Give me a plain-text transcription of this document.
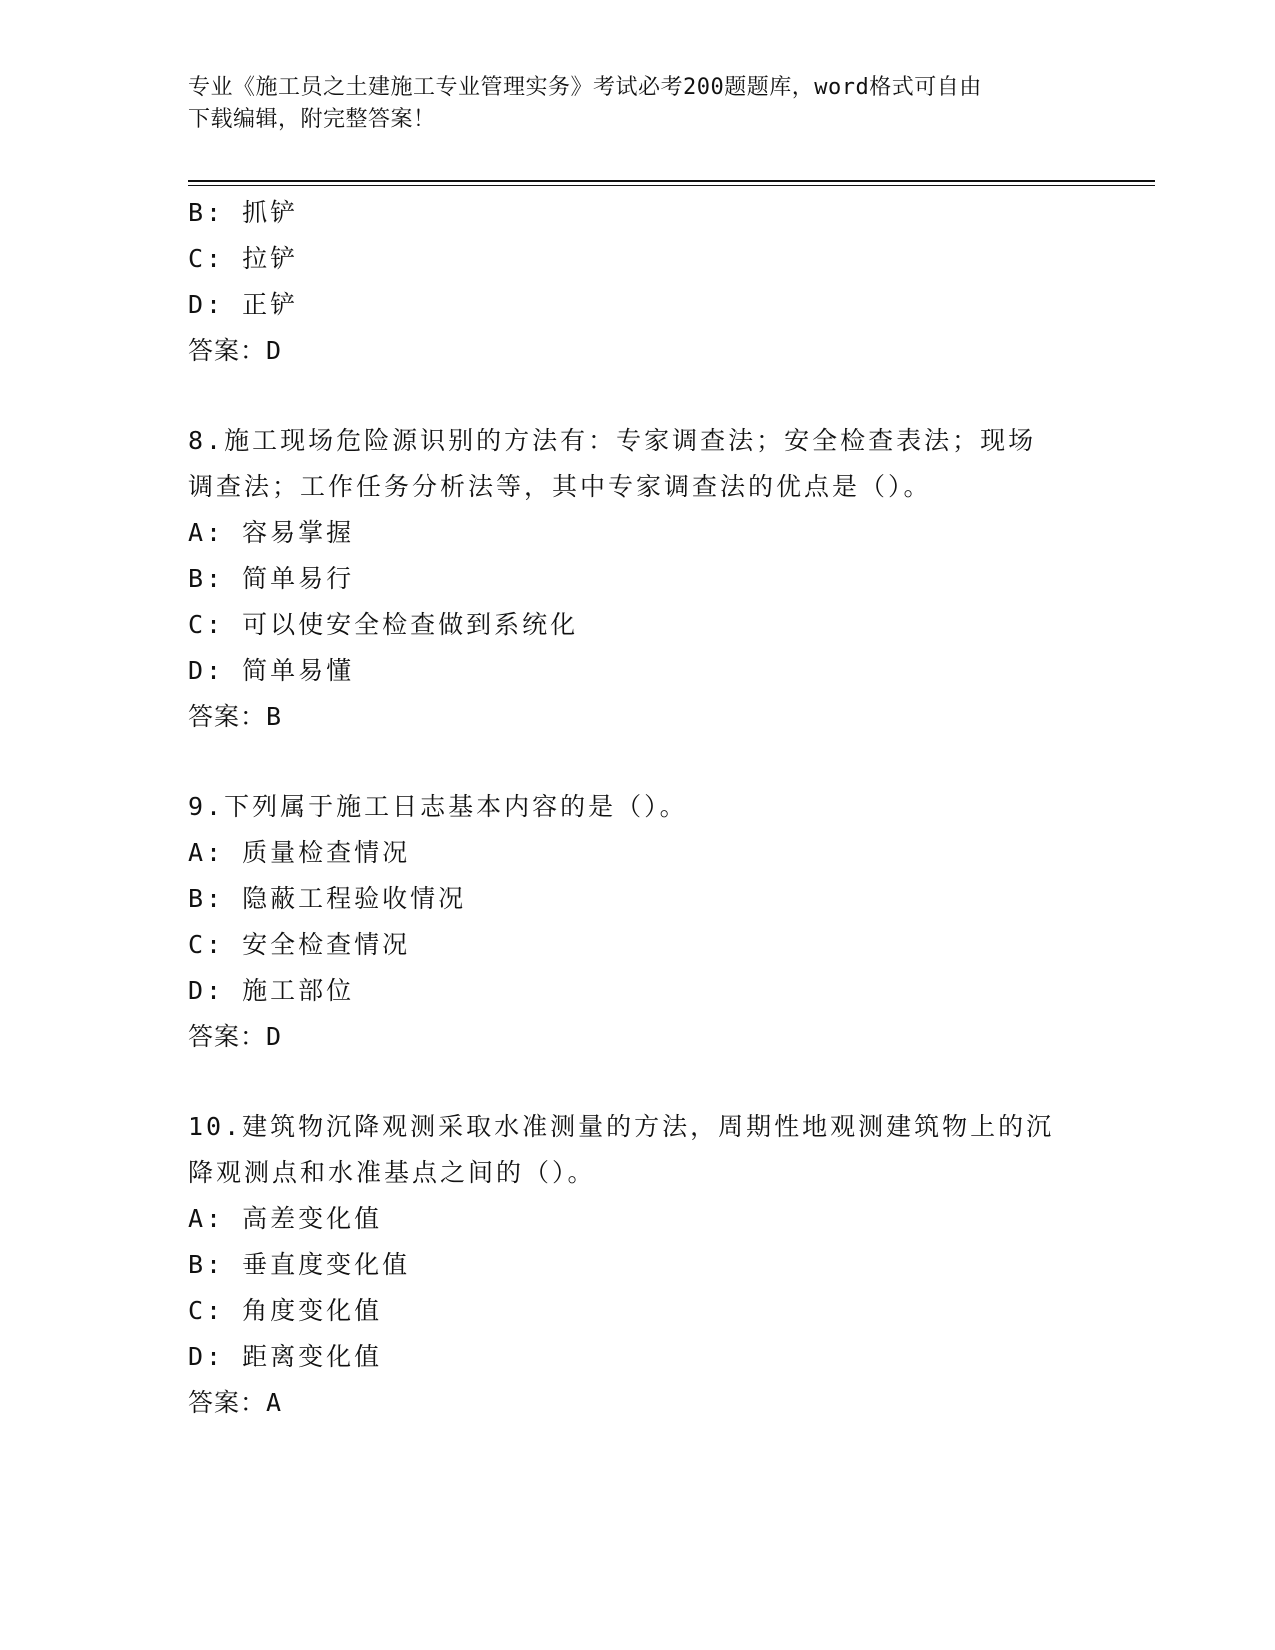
专业《施工员之土建施工专业管理实务》考试必考200题题库，word格式可自由
下载编辑，附完整答案！
B: 抓铲
C: 拉铲
D: 正铲
答案：D
8.施工现场危险源识别的方法有：专家调查法；安全检查表法；现场
调查法；工作任务分析法等，其中专家调查法的优点是（）。
A: 容易掌握
B: 简单易行
C: 可以使安全检查做到系统化
D: 简单易懂
答案：B
9.下列属于施工日志基本内容的是（）。
A: 质量检查情况
B: 隐蔽工程验收情况
C: 安全检查情况
D: 施工部位
答案：D
10.建筑物沉降观测采取水准测量的方法，周期性地观测建筑物上的沉
降观测点和水准基点之间的（）。
A: 高差变化值
B: 垂直度变化值
C: 角度变化值
D: 距离变化值
答案：A
